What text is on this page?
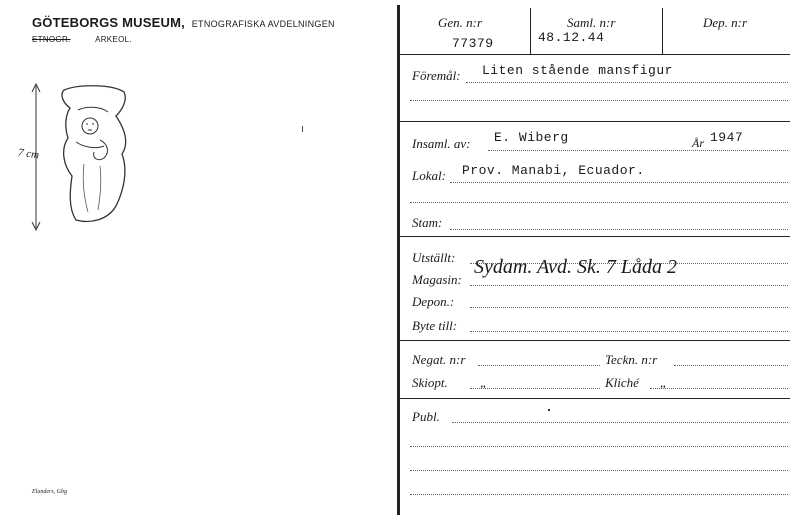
GÖTEBORGS MUSEUM, ETNOGRAFISKA AVDELNINGEN
ETNOGR.	ARKEOL.
7 cm
Elanders, Gbg
Gen. n:r
77379
Saml. n:r
48.12.44
Dep. n:r
Föremål: Liten stående mansfigur
Insaml. av: E. Wiberg	År 1947
Lokal: Prov. Manabi, Ecuador.
Stam:
Utställt:
Magasin:
Sydam. Avd. Sk. 7 Låda 2
Depon.:
Byte till:
Negat. n:r	Teckn. n:r
Skiopt. „	Kliché „
Publ.
